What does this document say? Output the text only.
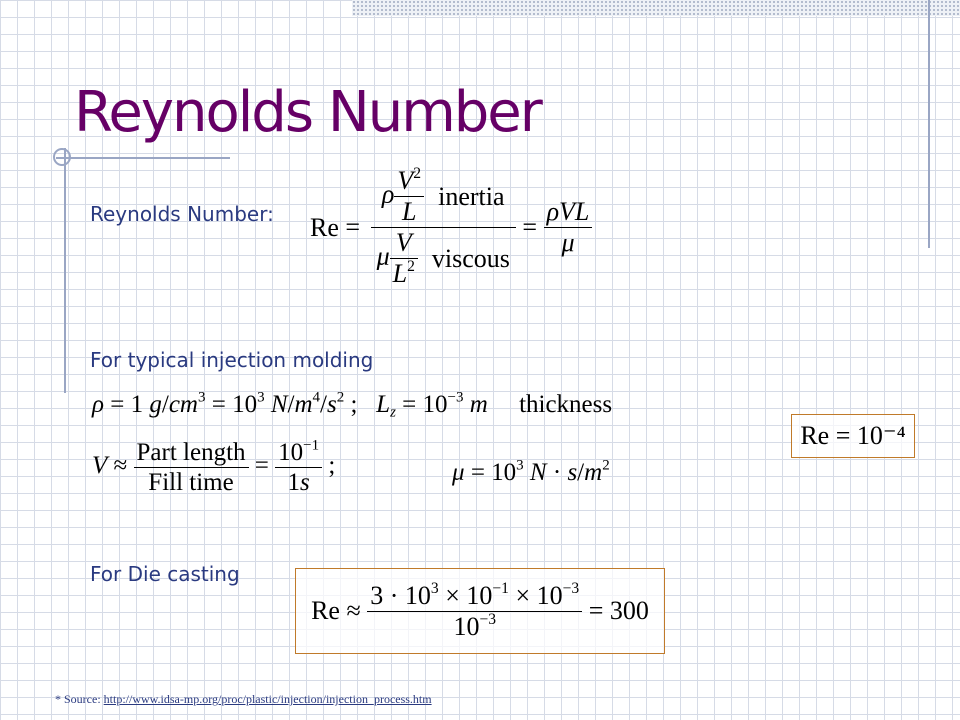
Reynolds Number
Reynolds Number: $Re = \frac{\rho \frac{V^2}{L} inertia}{\mu \frac{V}{L^2} viscous} = \frac{\text{ρVL}}{\mu}$
For typical injection molding
ρ = 1 $g/cm^3 = 10^3$ $N/m^4/s^2$ ;   $L_z = 10^{-3}$ m thickness
$V \approx \frac{\text{Part length}}{\text{Fill time}} = \frac{10^{-1}}{1s}$ ;	$\mu = 10^3$ $N \cdot s/m^2$
Re = 10⁻⁴
For Die casting
Re ≈
$\frac{3 \cdot 10^3 \times 10^{-1} \times 10^{-3}}{10^{-3}}$
= 300
* Source: http://www.idsa-mp.org/proc/plastic/injection/injection_process.htm
